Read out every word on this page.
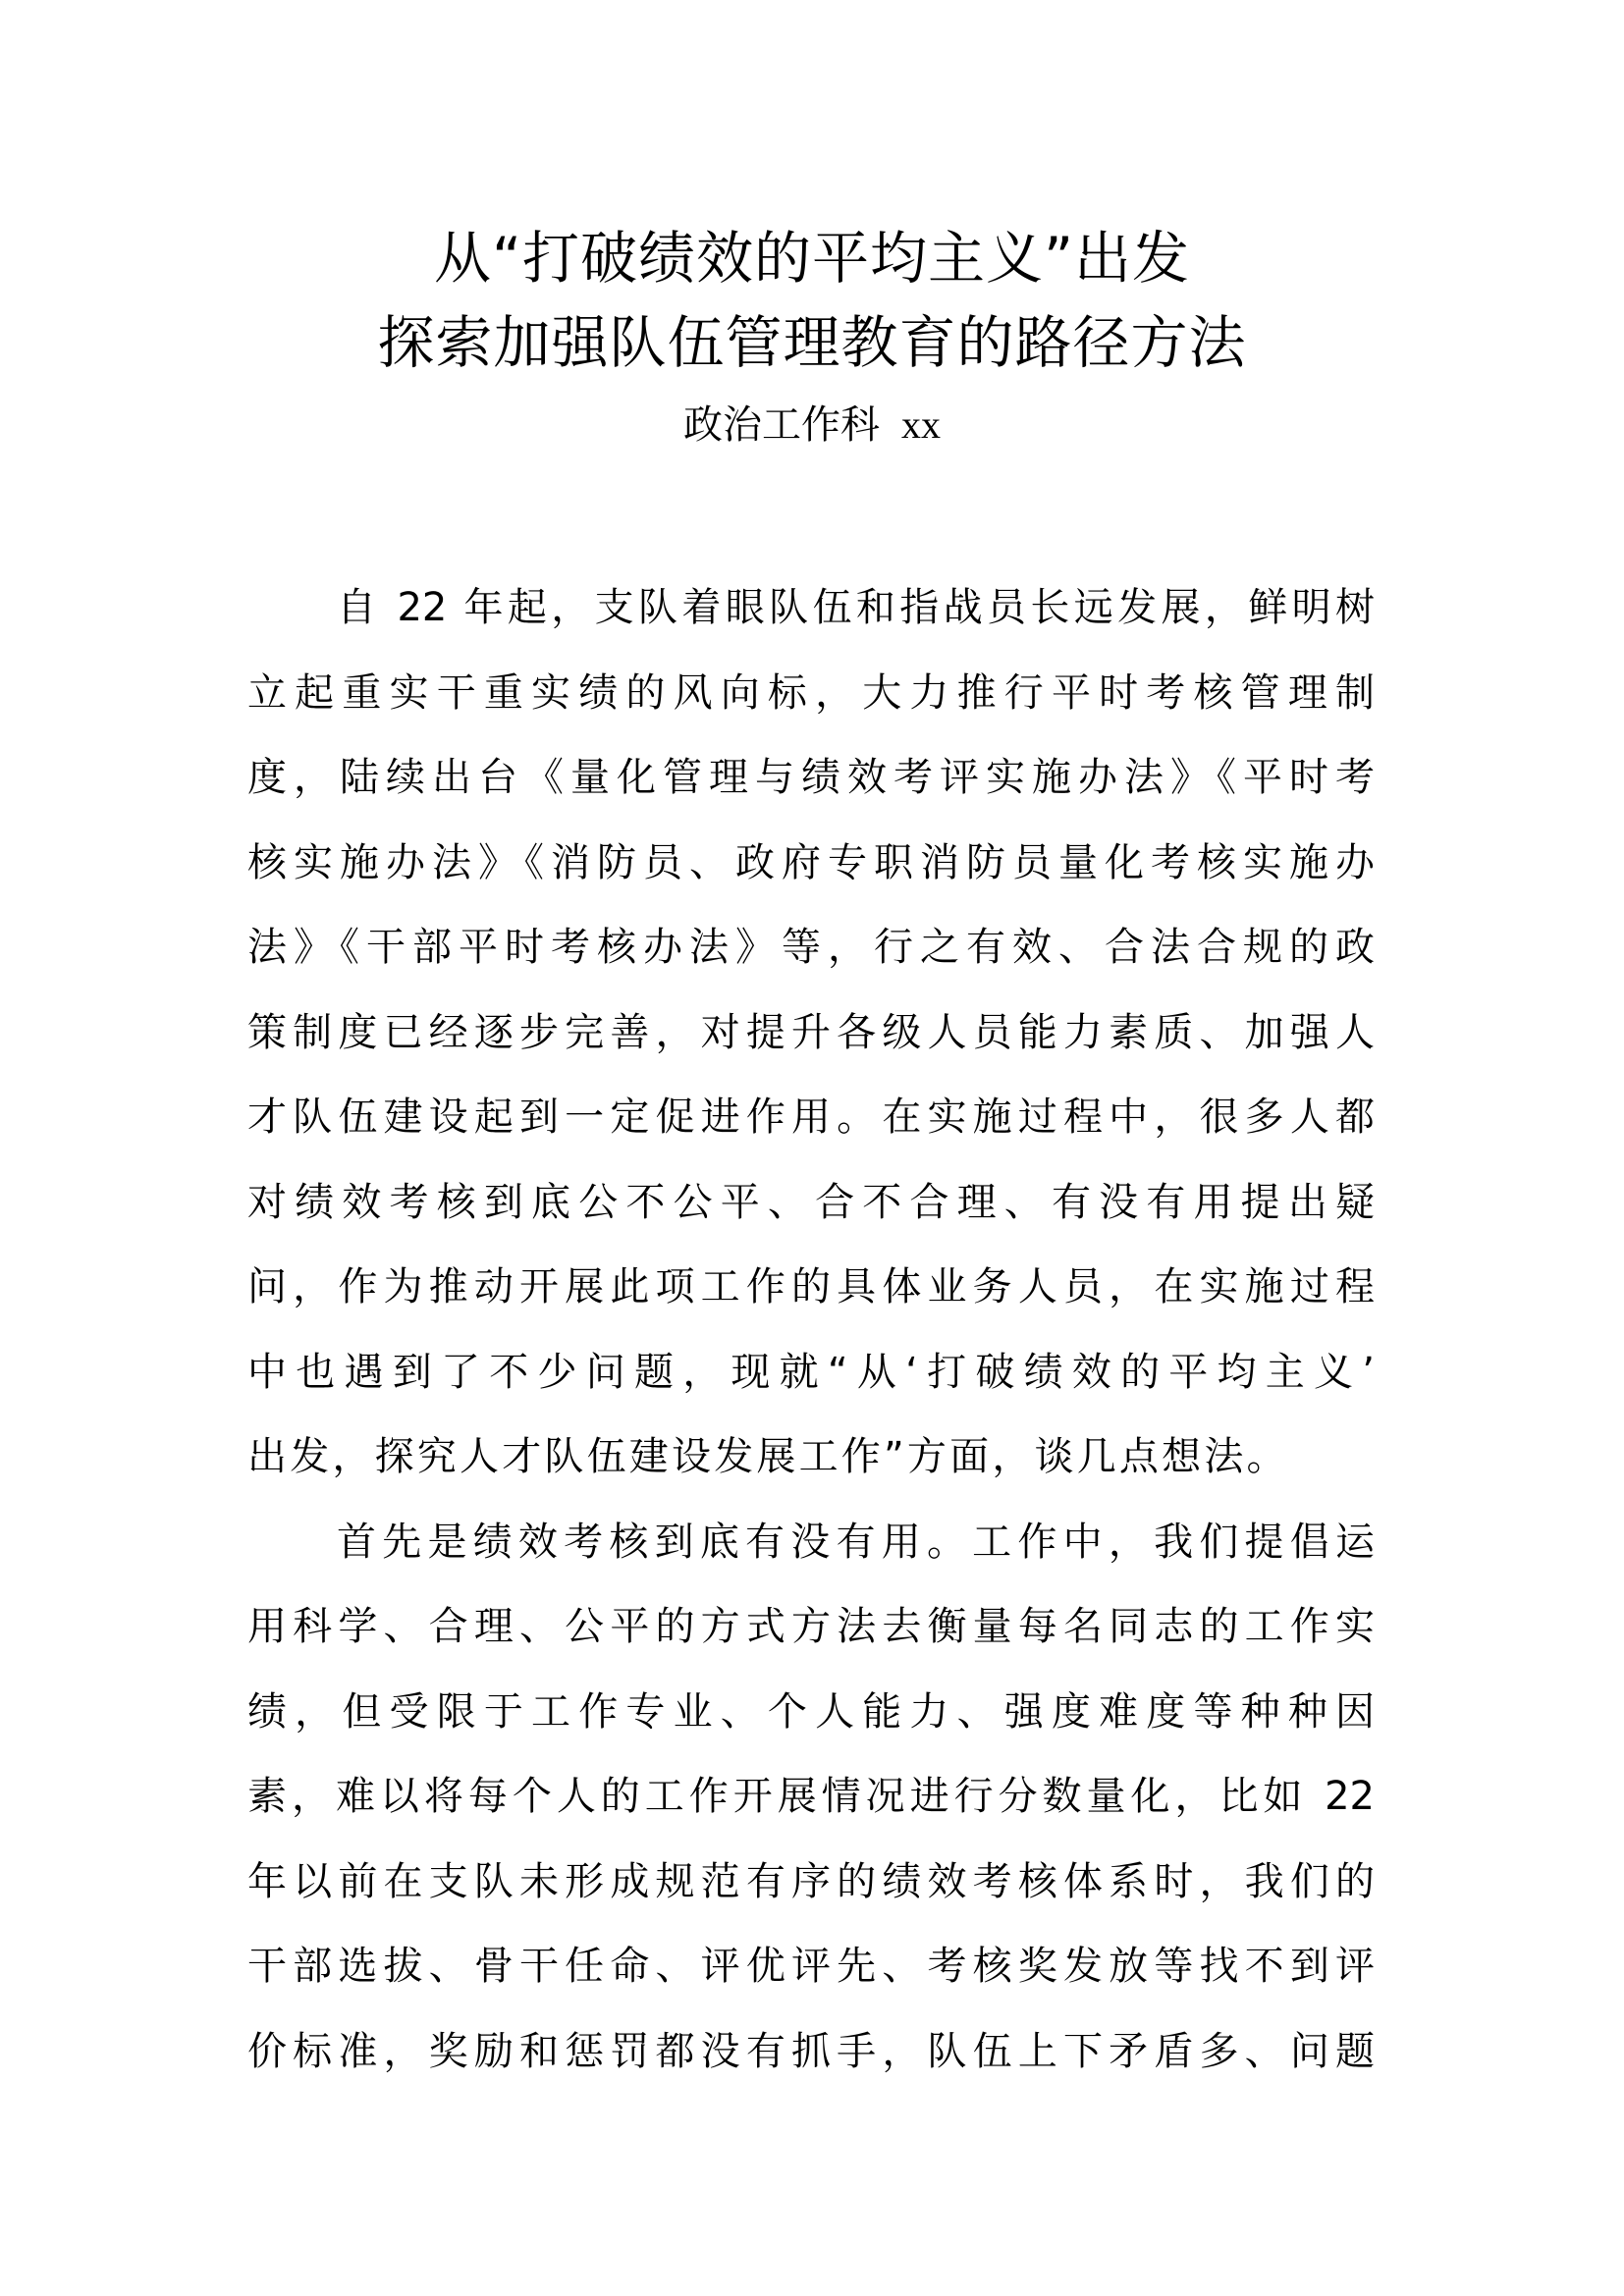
从“打破绩效的平均主义”出发
探索加强队伍管理教育的路径方法
政治工作科 xx
自 22 年起，支队着眼队伍和指战员长远发展，鲜明树
立起重实干重实绩的风向标，大力推行平时考核管理制
度，陆续出台《量化管理与绩效考评实施办法》《平时考
核实施办法》《消防员、政府专职消防员量化考核实施办
法》《干部平时考核办法》等，行之有效、合法合规的政
策制度已经逐步完善，对提升各级人员能力素质、加强人
才队伍建设起到一定促进作用。在实施过程中，很多人都
对绩效考核到底公不公平、合不合理、有没有用提出疑
问，作为推动开展此项工作的具体业务人员，在实施过程
中也遇到了不少问题，现就“从‘打破绩效的平均主义’
出发，探究人才队伍建设发展工作”方面，谈几点想法。
首先是绩效考核到底有没有用。工作中，我们提倡运
用科学、合理、公平的方式方法去衡量每名同志的工作实
绩，但受限于工作专业、个人能力、强度难度等种种因
素，难以将每个人的工作开展情况进行分数量化，比如 22
年以前在支队未形成规范有序的绩效考核体系时，我们的
干部选拔、骨干任命、评优评先、考核奖发放等找不到评
价标准，奖励和惩罚都没有抓手，队伍上下矛盾多、问题
